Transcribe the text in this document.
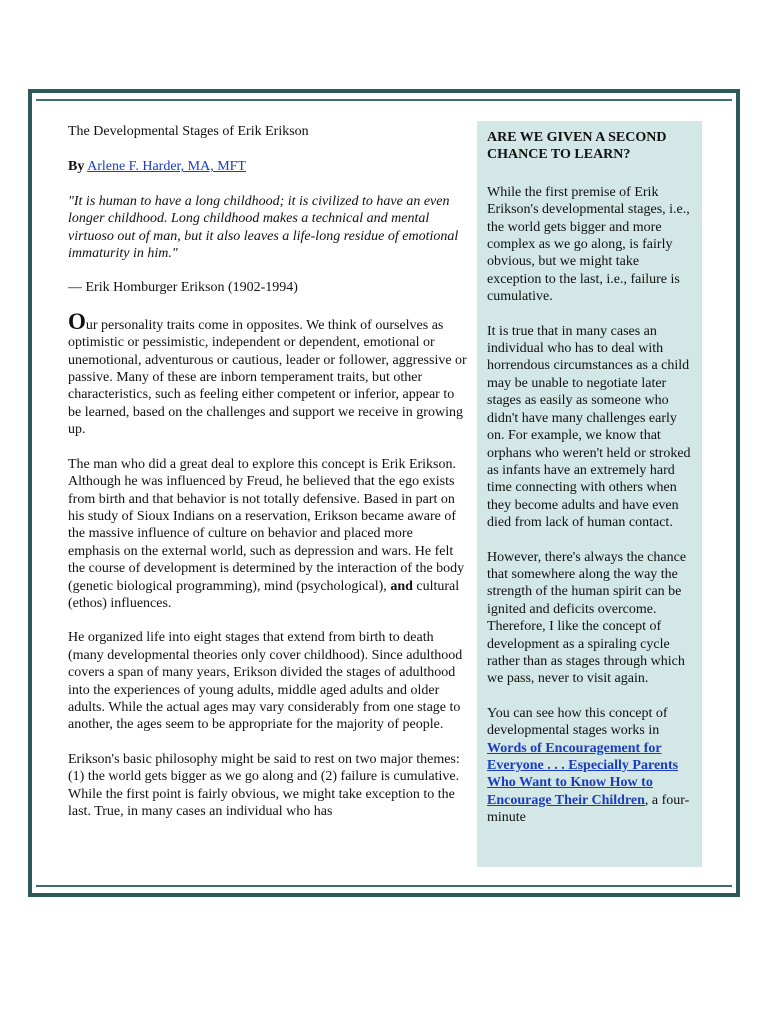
The Developmental Stages of Erik Erikson

By Arlene F. Harder, MA, MFT

"It is human to have a long childhood; it is civilized to have an even longer childhood. Long childhood makes a technical and mental virtuoso out of man, but it also leaves a life-long residue of emotional immaturity in him."

— Erik Homburger Erikson (1902-1994)

Our personality traits come in opposites. We think of ourselves as optimistic or pessimistic, independent or dependent, emotional or unemotional, adventurous or cautious, leader or follower, aggressive or passive. Many of these are inborn temperament traits, but other characteristics, such as feeling either competent or inferior, appear to be learned, based on the challenges and support we receive in growing up.

The man who did a great deal to explore this concept is Erik Erikson. Although he was influenced by Freud, he believed that the ego exists from birth and that behavior is not totally defensive. Based in part on his study of Sioux Indians on a reservation, Erikson became aware of the massive influence of culture on behavior and placed more emphasis on the external world, such as depression and wars. He felt the course of development is determined by the interaction of the body (genetic biological programming), mind (psychological), and cultural (ethos) influences.

He organized life into eight stages that extend from birth to death (many developmental theories only cover childhood). Since adulthood covers a span of many years, Erikson divided the stages of adulthood into the experiences of young adults, middle aged adults and older adults. While the actual ages may vary considerably from one stage to another, the ages seem to be appropriate for the majority of people.

Erikson's basic philosophy might be said to rest on two major themes: (1) the world gets bigger as we go along and (2) failure is cumulative. While the first point is fairly obvious, we might take exception to the last. True, in many cases an individual who has

ARE WE GIVEN A SECOND CHANCE TO LEARN?

While the first premise of Erik Erikson's developmental stages, i.e., the world gets bigger and more complex as we go along, is fairly obvious, but we might take exception to the last, i.e., failure is cumulative.

It is true that in many cases an individual who has to deal with horrendous circumstances as a child may be unable to negotiate later stages as easily as someone who didn't have many challenges early on. For example, we know that orphans who weren't held or stroked as infants have an extremely hard time connecting with others when they become adults and have even died from lack of human contact.

However, there's always the chance that somewhere along the way the strength of the human spirit can be ignited and deficits overcome. Therefore, I like the concept of development as a spiraling cycle rather than as stages through which we pass, never to visit again.

You can see how this concept of developmental stages works in Words of Encouragement for Everyone . . . Especially Parents Who Want to Know How to Encourage Their Children, a four-minute
